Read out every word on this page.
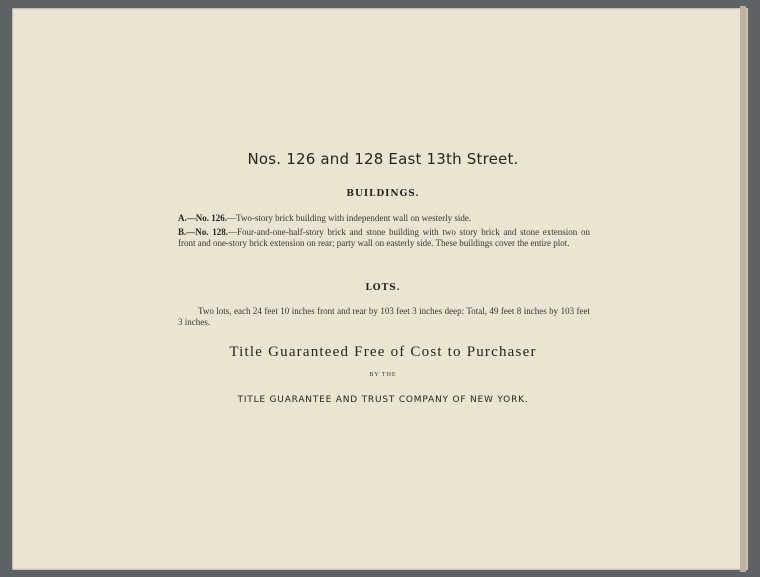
Nos. 126 and 128 East 13th Street.
BUILDINGS.
A.—No. 126.—Two-story brick building with independent wall on westerly side.
B.—No. 128.—Four-and-one-half-story brick and stone building with two story brick and stone extension on front and one-story brick extension on rear; party wall on easterly side. These buildings cover the entire plot.
LOTS.
Two lots, each 24 feet 10 inches front and rear by 103 feet 3 inches deep: Total, 49 feet 8 inches by 103 feet 3 inches.
Title Guaranteed Free of Cost to Purchaser
BY THE
TITLE GUARANTEE AND TRUST COMPANY OF NEW YORK.
